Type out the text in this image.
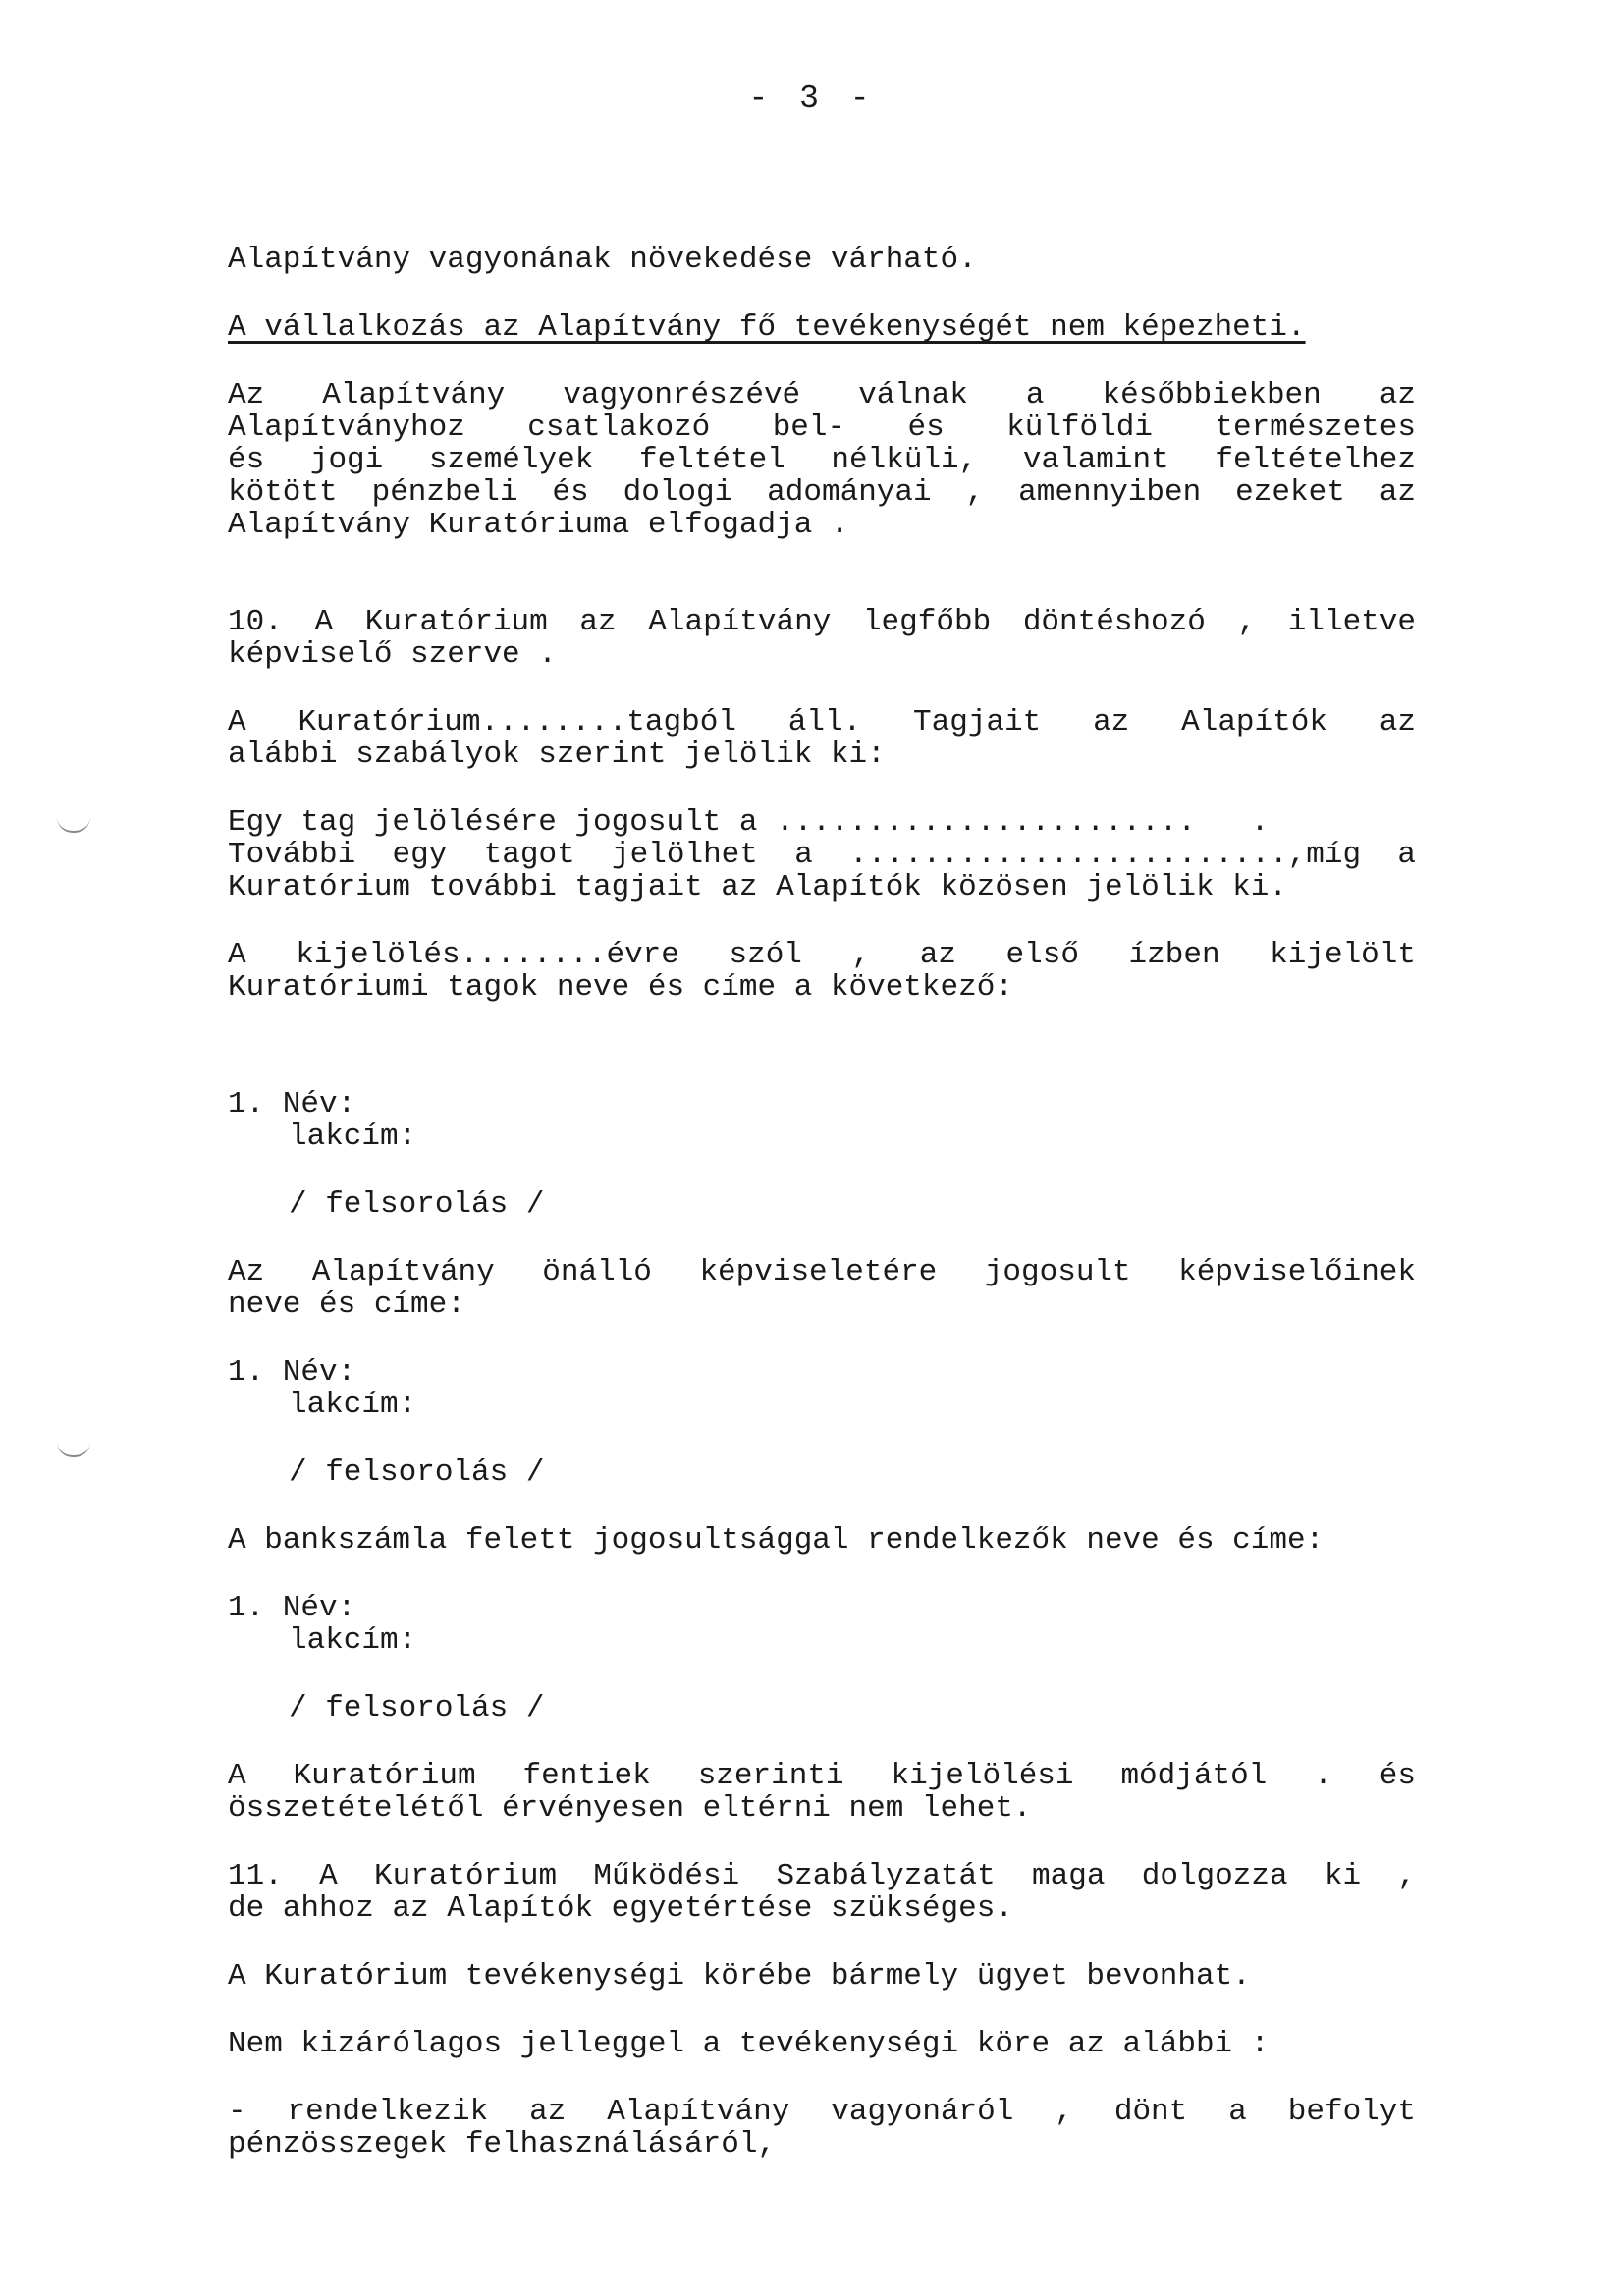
- 3 -

Alapítvány vagyonának növekedése várható.

A vállalkozás az Alapítvány fő tevékenységét nem képezheti.

Az Alapítvány vagyonrészévé válnak a későbbiekben az
Alapítványhoz csatlakozó bel- és külföldi természetes
és jogi személyek feltétel nélküli, valamint feltételhez
kötött pénzbeli és dologi adományai , amennyiben ezeket az
Alapítvány Kuratóriuma elfogadja .

10. A Kuratórium az Alapítvány legfőbb döntéshozó , illetve
képviselő szerve .

A Kuratórium........tagból áll. Tagjait az Alapítók az
alábbi szabályok szerint jelölik ki:

Egy tag jelölésére jogosult a .......................   .
További egy tagot jelölhet a ........................,míg a
Kuratórium további tagjait az Alapítók közösen jelölik ki.

A kijelölés........évre szól , az első ízben kijelölt
Kuratóriumi tagok neve és címe a következő:

1. Név:
lakcím:

/ felsorolás /

Az Alapítvány önálló képviseletére jogosult képviselőinek
neve és címe:

1. Név:
lakcím:

/ felsorolás /

A bankszámla felett jogosultsággal rendelkezők neve és címe:

1. Név:
lakcím:

/ felsorolás /

A Kuratórium fentiek szerinti kijelölési módjától . és
összetételétől érvényesen eltérni nem lehet.

11. A Kuratórium Működési Szabályzatát maga dolgozza ki ,
de ahhoz az Alapítók egyetértése szükséges.

A Kuratórium tevékenységi körébe bármely ügyet bevonhat.

Nem kizárólagos jelleggel a tevékenységi köre az alábbi :

- rendelkezik az Alapítvány vagyonáról , dönt a befolyt
pénzösszegek felhasználásáról,
